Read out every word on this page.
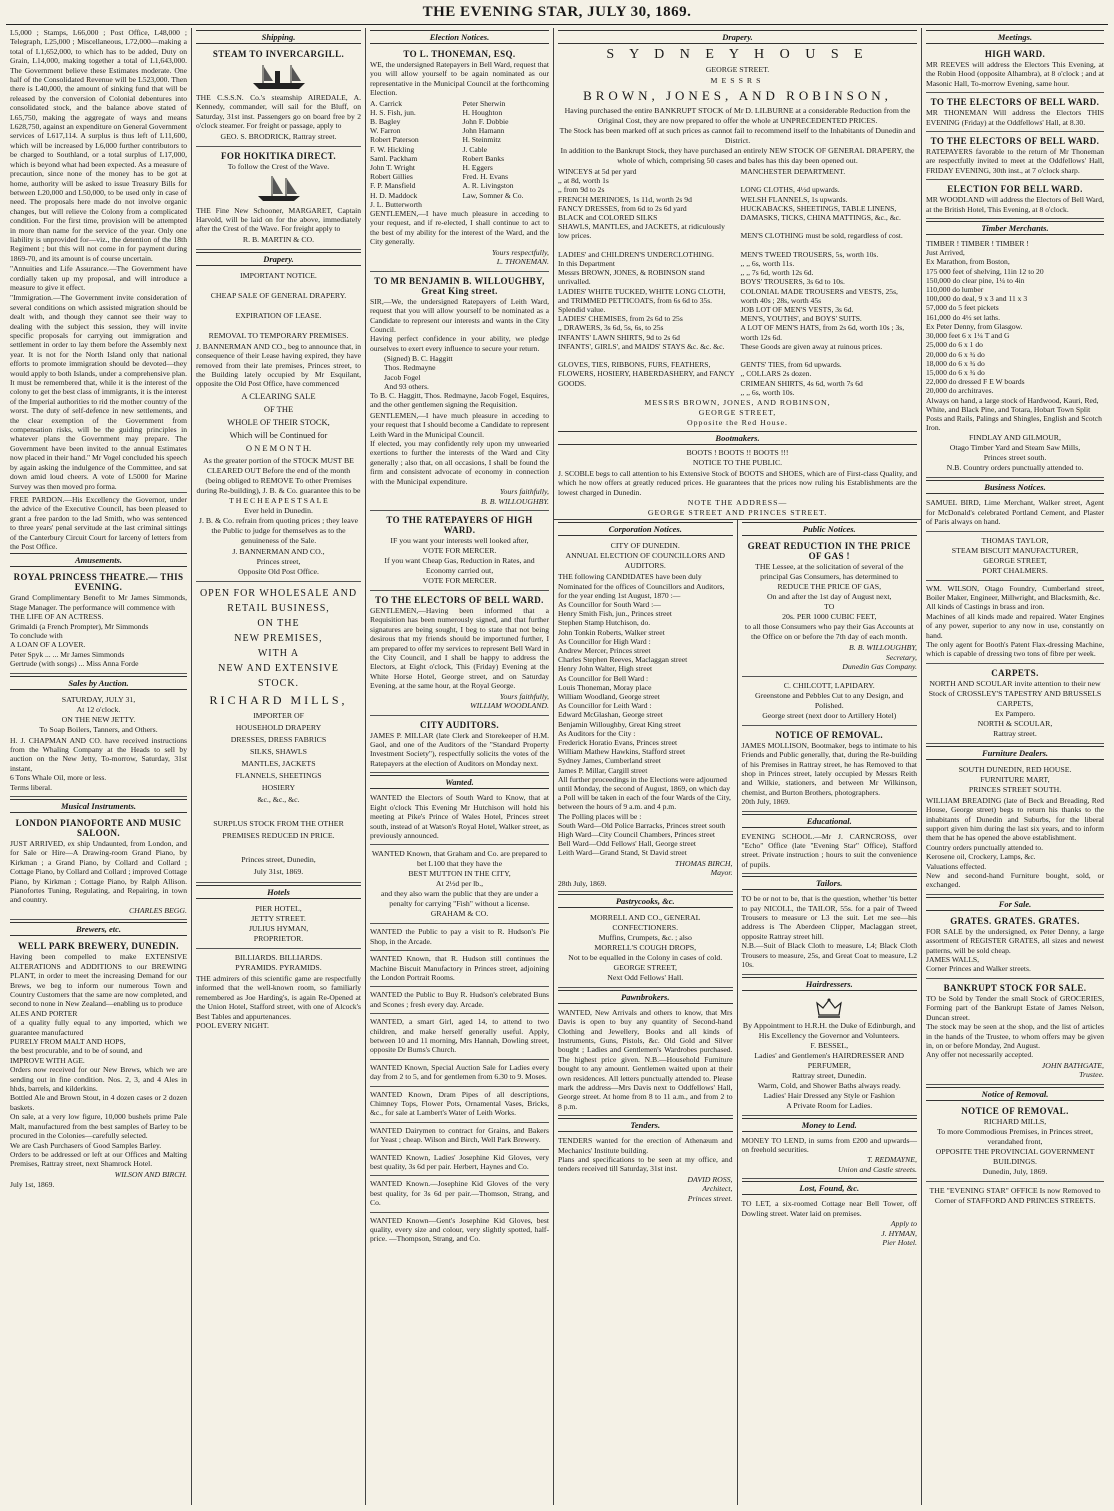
THE EVENING STAR, JULY 30, 1869.
L5,000 ; Stamps, L66,000 ; Post Office, L48,000 ; Telegraph, L25,000 ; Miscellaneous, L72,000—making a total of L1,652,000, to which has to be added, Duty on Grain, L14,000, making together a total of L1,643,000. The Government believe these Estimates moderate. One half of the Consolidated Revenue will be L523,000. Then there is L40,000, the amount of sinking fund that will be released by the conversion of Colonial debentures into consolidated stock, and the balance above stated of L65,750, making the aggregate of ways and means L628,750, against an expenditure on General Government services of L617,114. A surplus is thus left of L11,600, which will be increased by L6,000 further contributors to be charged to Southland, or a total surplus of L17,000, which is beyond what had been expected. As a measure of precaution, since none of the money has to be got at home, authority will be asked to issue Treasury Bills for between L20,000 and L50,000, to be used only in case of need. The proposals here made do not involve organic changes, but will relieve the Colony from a complicated condition. For the first time, provision will be attempted in more than name for the service of the year. Only one liability is unprovided for—viz., the detention of the 18th Regiment ; but this will not come in for payment during 1869-70, and its amount is of course uncertain.
"Annuities and Life Assurance.—The Government have cordially taken up my proposal, and will introduce a measure to give it effect.
"Immigration.—The Government invite consideration of several conditions on which assisted migration should be dealt with, and though they cannot see their way to dealing with the subject this session, they will invite specific proposals for carrying out immigration and settlement in order to lay them before the Assembly next year. It is not for the North Island only that national efforts to promote immigration should be devoted—they would apply to both Islands, under a comprehensive plan. It must be remembered that, while it is the interest of the colony to get the best class of immigrants, it is the interest of the Imperial authorities to rid the mother country of the worst. The duty of self-defence in new settlements, and the clear exemption of the Government from compensation risks, will be the guiding principles in whatever plans the Government may prepare. The Government have been invited to the annual Estimates now placed in their hand." Mr Vogel concluded his speech by again asking the indulgence of the Committee, and sat down amid loud cheers. A vote of L5000 for Marine Survey was then moved pro forma.
FREE PARDON.—His Excellency the Governor, under the advice of the Executive Council, has been pleased to grant a free pardon to the lad Smith, who was sentenced to three years' penal servitude at the last criminal sittings of the Canterbury Circuit Court for larceny of letters from the Post Office.
Amusements.
ROYAL PRINCESS THEATRE.— THIS EVENING.
Grand Complimentary Benefit to Mr James Simmonds, Stage Manager. The performance will commence with
THE LIFE OF AN ACTRESS.
Grimaldi (a French Prompter), Mr Simmonds
To conclude with
A LOAN OF A LOVER.
Peter Spyk ... ... Mr James Simmonds
Gertrude (with songs) ... Miss Anna Forde
Sales by Auction.
SATURDAY, JULY 31,
At 12 o'clock.
ON THE NEW JETTY.
To Soap Boilers, Tanners, and Others.
H. J. CHAPMAN AND CO. have received instructions from the Whaling Company at the Heads to sell by auction on the New Jetty, To-morrow, Saturday, 31st instant,
6 Tons Whale Oil, more or less.
Terms liberal.
Musical Instruments.
LONDON PIANOFORTE AND MUSIC SALOON.
JUST ARRIVED, ex ship Undaunted, from London, and for Sale or Hire—A Drawing-room Grand Piano, by Kirkman ; a Grand Piano, by Collard and Collard ; Cottage Piano, by Collard and Collard ; improved Cottage Piano, by Kirkman ; Cottage Piano, by Ralph Allison. Pianofortes Tuning, Regulating, and Repairing, in town and country.
CHARLES BEGG.
Brewers, etc.
WELL PARK BREWERY, DUNEDIN.
Having been compelled to make EXTENSIVE ALTERATIONS and ADDITIONS to our BREWING PLANT, in order to meet the increasing Demand for our Brews, we beg to inform our numerous Town and Country Customers that the same are now completed, and second to none in New Zealand—enabling us to produce
ALES AND PORTER
of a quality fully equal to any imported, which we guarantee manufactured
PURELY FROM MALT AND HOPS,
the best procurable, and to be of sound, and
IMPROVE WITH AGE.
Orders now received for our New Brews, which we are sending out in fine condition. Nos. 2, 3, and 4 Ales in hhds, barrels, and kilderkins.
Bottled Ale and Brown Stout, in 4 dozen cases or 2 dozen baskets.
On sale, at a very low figure, 10,000 bushels prime Pale Malt, manufactured from the best samples of Barley to be procured in the Colonies—carefully selected.
We are Cash Purchasers of Good Samples Barley.
Orders to be addressed or left at our Offices and Malting Premises, Rattray street, next Shamrock Hotel.
WILSON AND BIRCH.
July 1st, 1869.
Shipping.
STEAM TO INVERCARGILL.
THE C.S.S.N. Co.'s steamship AIREDALE, A. Kennedy, commander, will sail for the Bluff, on Saturday, 31st inst. Passengers go on board free by 2 o'clock steamer. For freight or passage, apply to
GEO. S. BRODRICK, Rattray street.
FOR HOKITIKA DIRECT.
To follow the Crest of the Wave.
THE Fine New Schooner, MARGARET, Captain Harvold, will be laid on for the above, immediately after the Crest of the Wave. For freight apply to
R. B. MARTIN & CO.
Drapery.
IMPORTANT NOTICE.

CHEAP SALE OF GENERAL DRAPERY.

EXPIRATION OF LEASE.

REMOVAL TO TEMPORARY PREMISES.
J. BANNERMAN AND CO., beg to announce that, in consequence of their Lease having expired, they have removed from their late premises, Princes street, to the Building lately occupied by Mr Esquilant, opposite the Old Post Office, have commenced
A CLEARING SALE
OF THE
WHOLE OF THEIR STOCK,
Which will be Continued for
O N E M O N T H.
As the greater portion of the STOCK MUST BE CLEARED OUT Before the end of the month (being obliged to REMOVE To other Premises during Re-building), J. B. & Co. guarantee this to be
T H E C H E A P E S T S A L E
Ever held in Dunedin.
J. B. & Co. refrain from quoting prices ; they leave the Public to judge for themselves as to the genuineness of the Sale.
J. BANNERMAN AND CO.,
Princes street,
Opposite Old Post Office.
OPEN FOR WHOLESALE AND RETAIL BUSINESS,
ON THE
NEW PREMISES,
WITH A
NEW AND EXTENSIVE STOCK.
RICHARD MILLS,
IMPORTER OF
HOUSEHOLD DRAPERY
DRESSES, DRESS FABRICS
SILKS, SHAWLS
MANTLES, JACKETS
FLANNELS, SHEETINGS
HOSIERY
&c., &c., &c.

SURPLUS STOCK FROM THE OTHER PREMISES REDUCED IN PRICE.

Princes street, Dunedin,
July 31st, 1869.
Hotels
PIER HOTEL,
JETTY STREET.
JULIUS HYMAN,
PROPRIETOR.
BILLIARDS. BILLIARDS.
PYRAMIDS. PYRAMIDS.
THE admirers of this scientific game are respectfully informed that the well-known room, so familiarly remembered as Joe Harding's, is again Re-Opened at the Union Hotel, Stafford street, with one of Alcock's Best Tables and appurtenances.
POOL EVERY NIGHT.
Election Notices.
TO L. THONEMAN, ESQ.
WE, the undersigned Ratepayers in Bell Ward, request that you will allow yourself to be again nominated as our representative in the Municipal Council at the forthcoming Election.
A. Carrick
H. S. Fish, jun.
B. Bagley
W. Farron
Robert Paterson
F. W. Hickling
Saml. Packham
John T. Wright
Robert Gillies
F. P. Mansfield
H. D. Maddock
J. L. Butterworth
Peter Sherwin
H. Houghton
John F. Dobbie
John Hamann
H. Steinmitz
J. Cable
Robert Banks
H. Eggers
Fred. H. Evans
A. R. Livingston
Law, Somner & Co.
GENTLEMEN,—I have much pleasure in acceding to your request, and if re-elected, I shall continue to act to the best of my ability for the interest of the Ward, and the City generally.
Yours respectfully,
L. THONEMAN.
TO MR BENJAMIN B. WILLOUGHBY, Great King street.
SIR,—We, the undersigned Ratepayers of Leith Ward, request that you will allow yourself to be nominated as a Candidate to represent our interests and wants in the City Council.
Having perfect confidence in your ability, we pledge ourselves to exert every influence to secure your return.
(Signed) B. C. Haggitt
Thos. Redmayne
Jacob Fogel
And 93 others.
To B. C. Haggitt, Thos. Redmayne, Jacob Fogel, Esquires, and the other gentlemen signing the Requisition.
GENTLEMEN,—I have much pleasure in acceding to your request that I should become a Candidate to represent Leith Ward in the Municipal Council.
If elected, you may confidently rely upon my unwearied exertions to further the interests of the Ward and City generally ; also that, on all occasions, I shall be found the firm and consistent advocate of economy in connection with the Municipal expenditure.
Yours faithfully,
B. B. WILLOUGHBY.
TO THE RATEPAYERS OF HIGH WARD.
IF you want your interests well looked after,
VOTE FOR MERCER.
If you want Cheap Gas, Reduction in Rates, and Economy carried out,
VOTE FOR MERCER.
TO THE ELECTORS OF BELL WARD.
GENTLEMEN,—Having been informed that a Requisition has been numerously signed, and that further signatures are being sought, I beg to state that not being desirous that my friends should be importuned further, I am prepared to offer my services to represent Bell Ward in the City Council, and I shall be happy to address the Electors, at Eight o'clock, This (Friday) Evening at the White Horse Hotel, George street, and on Saturday Evening, at the same hour, at the Royal George.
Yours faithfully,
WILLIAM WOODLAND.
CITY AUDITORS.
JAMES P. MILLAR (late Clerk and Storekeeper of H.M. Gaol, and one of the Auditors of the "Standard Property Investment Society"), respectfully solicits the votes of the Ratepayers at the election of Auditors on Monday next.
Wanted.
WANTED the Electors of South Ward to Know, that at Eight o'clock This Evening Mr Hutchison will hold his meeting at Pike's Prince of Wales Hotel, Princes street south, instead of at Watson's Royal Hotel, Walker street, as previously announced.
WANTED Known, that Graham and Co. are prepared to bet L100 that they have the
BEST MUTTON IN THE CITY,
At 2½d per lb.,
and they also warn the public that they are under a penalty for carrying "Fish" without a license.
GRAHAM & CO.
WANTED the Public to pay a visit to R. Hudson's Pie Shop, in the Arcade.
WANTED Known, that R. Hudson still continues the Machine Biscuit Manufactory in Princes street, adjoining the London Portrait Rooms.
WANTED the Public to Buy R. Hudson's celebrated Buns and Scones ; fresh every day. Arcade.
WANTED, a smart Girl, aged 14, to attend to two children, and make herself generally useful. Apply, between 10 and 11 morning, Mrs Hannah, Dowling street, opposite Dr Burns's Church.
WANTED Known, Special Auction Sale for Ladies every day from 2 to 5, and for gentlemen from 6.30 to 9. Moses.
WANTED Known, Dram Pipes of all descriptions, Chimney Tops, Flower Pots, Ornamental Vases, Bricks, &c., for sale at Lambert's Water of Leith Works.
WANTED Dairymen to contract for Grains, and Bakers for Yeast ; cheap. Wilson and Birch, Well Park Brewery.
WANTED Known, Ladies' Josephine Kid Gloves, very best quality, 3s 6d per pair. Herbert, Haynes and Co.
WANTED Known.—Josephine Kid Gloves of the very best quality, for 3s 6d per pair.—Thomson, Strang, and Co.
WANTED Known—Gent's Josephine Kid Gloves, best quality, every size and colour, very slightly spotted, half-price. —Thompson, Strang, and Co.
Drapery.
S Y D N E Y H O U S E
GEORGE STREET.
MESSRS
BROWN, JONES, AND ROBINSON,
Having purchased the entire BANKRUPT STOCK of Mr D. LILBURNE at a considerable Reduction from the Original Cost, they are now prepared to offer the whole at UNPRECEDENTED PRICES.
The Stock has been marked off at such prices as cannot fail to recommend itself to the Inhabitants of Dunedin and District.
In addition to the Bankrupt Stock, they have purchased an entirely NEW STOCK OF GENERAL DRAPERY, the whole of which, comprising 50 cases and bales has this day been opened out.
WINCEYS at 5d per yard
,, at 8d, worth 1s
,, from 9d to 2s
FRENCH MERINOES, 1s 11d, worth 2s 9d
FANCY DRESSES, from 6d to 2s 6d yard
BLACK and COLORED SILKS
SHAWLS, MANTLES, and JACKETS, at ridiculously low prices.

LADIES' and CHILDREN'S UNDERCLOTHING.
In this Department
Messrs BROWN, JONES, & ROBINSON stand unrivalled.
LADIES' WHITE TUCKED, WHITE LONG CLOTH, and TRIMMED PETTICOATS, from 6s 6d to 35s. Splendid value.
LADIES' CHEMISES, from 2s 6d to 25s
,, DRAWERS, 3s 6d, 5s, 6s, to 25s
INFANTS' LAWN SHIRTS, 9d to 2s 6d
INFANTS', GIRLS', and MAIDS' STAYS &c. &c. &c.

GLOVES, TIES, RIBBONS, FURS, FEATHERS, FLOWERS, HOSIERY, HABERDASHERY, and FANCY GOODS.
MANCHESTER DEPARTMENT.

LONG CLOTHS, 4½d upwards.
WELSH FLANNELS, 1s upwards.
HUCKABACKS, SHEETINGS, TABLE LINENS, DAMASKS, TICKS, CHINA MATTINGS, &c., &c.

MEN'S CLOTHING must be sold, regardless of cost.

MEN'S TWEED TROUSERS, 5s, worth 10s.
,, ,, 6s, worth 11s.
,, ,, 7s 6d, worth 12s 6d.
BOYS' TROUSERS, 3s 6d to 10s.
COLONIAL MADE TROUSERS and VESTS, 25s, worth 40s ; 28s, worth 45s
JOB LOT OF MEN'S VESTS, 3s 6d.
MEN'S, YOUTHS', and BOYS' SUITS.
A LOT OF MEN'S HATS, from 2s 6d, worth 10s ; 3s, worth 12s 6d.
These Goods are given away at ruinous prices.

GENTS' TIES, from 6d upwards.
,, COLLARS 2s dozen.
CRIMEAN SHIRTS, 4s 6d, worth 7s 6d
,, ,, 6s, worth 10s.
MESSRS BROWN, JONES, AND ROBINSON,
GEORGE STREET,
Opposite the Red House.
Bootmakers.
BOOTS ! BOOTS !! BOOTS !!!
NOTICE TO THE PUBLIC.
J. SCOBLE begs to call attention to his Extensive Stock of BOOTS and SHOES, which are of First-class Quality, and which he now offers at greatly reduced prices. He guarantees that the prices now ruling his Establishments are the lowest charged in Dunedin.
NOTE THE ADDRESS—
GEORGE STREET AND PRINCES STREET.
Corporation Notices.
CITY OF DUNEDIN.
ANNUAL ELECTION OF COUNCILLORS AND AUDITORS.
THE following CANDIDATES have been duly Nominated for the offices of Councillors and Auditors, for the year ending 1st August, 1870 :—
As Councillor for South Ward :—
Henry Smith Fish, jun., Princes street
Stephen Stamp Hutchison, do.
John Tonkin Roberts, Walker street
As Councillor for High Ward :
Andrew Mercer, Princes street
Charles Stephen Reeves, Maclaggan street
Henry John Walter, High street
As Councillor for Bell Ward :
Louis Thoneman, Moray place
William Woodland, George street
As Councillor for Leith Ward :
Edward McGlashan, George street
Benjamin Willoughby, Great King street
As Auditors for the City :
Frederick Horatio Evans, Princes street
William Mathew Hawkins, Stafford street
Sydney James, Cumberland street
James P. Millar, Cargill street
All further proceedings in the Elections were adjourned until Monday, the second of August, 1869, on which day a Poll will be taken in each of the four Wards of the City, between the hours of 9 a.m. and 4 p.m.
The Polling places will be :
South Ward—Old Police Barracks, Princes street south
High Ward—City Council Chambers, Princes street
Bell Ward—Odd Fellows' Hall, George street
Leith Ward—Grand Stand, St David street
THOMAS BIRCH,
Mayor.
28th July, 1869.
Pastrycooks, &c.
MORRELL AND CO., GENERAL CONFECTIONERS.
Muffins, Crumpets, &c. ; also
MORRELL'S COUGH DROPS,
Not to be equalled in the Colony in cases of cold.
GEORGE STREET,
Next Odd Fellows' Hall.
Pawnbrokers.
WANTED, New Arrivals and others to know, that Mrs Davis is open to buy any quantity of Second-hand Clothing and Jewellery, Books and all kinds of Instruments, Guns, Pistols, &c. Old Gold and Silver bought ; Ladies and Gentlemen's Wardrobes purchased. The highest price given. N.B.—Household Furniture bought to any amount. Gentlemen waited upon at their own residences. All letters punctually attended to. Please mark the address—Mrs Davis next to Oddfellows' Hall, George street. At home from 8 to 11 a.m., and from 2 to 8 p.m.
Tenders.
TENDERS wanted for the erection of Athenæum and Mechanics' Institute building.
Plans and specifications to be seen at my office, and tenders received till Saturday, 31st inst.
DAVID ROSS,
Architect,
Princes street.
Public Notices.
GREAT REDUCTION IN THE PRICE OF GAS !
THE Lessee, at the solicitation of several of the principal Gas Consumers, has determined to
REDUCE THE PRICE OF GAS,
On and after the 1st day of August next,
TO
20s. PER 1000 CUBIC FEET,
to all those Consumers who pay their Gas Accounts at the Office on or before the 7th day of each month.
B. B. WILLOUGHBY,
Secretary,
Dunedin Gas Company.
C. CHILCOTT, LAPIDARY.
Greenstone and Pebbles Cut to any Design, and Polished.
George street (next door to Artillery Hotel)
NOTICE OF REMOVAL.
JAMES MOLLISON, Bootmaker, begs to intimate to his Friends and Public generally, that, during the Re-building of his Premises in Rattray street, he has Removed to that shop in Princes street, lately occupied by Messrs Reith and Wilkie, stationers, and between Mr Wilkinson, chemist, and Burton Brothers, photographers.
20th July, 1869.
Educational.
EVENING SCHOOL.—Mr J. CARNCROSS, over "Echo" Office (late "Evening Star" Office), Stafford street. Private instruction ; hours to suit the convenience of pupils.
Tailors.
TO be or not to be, that is the question, whether 'tis better to pay NICOLL, the TAILOR, 55s. for a pair of Tweed Trousers to measure or L3 the suit. Let me see—his address is The Aberdeen Clipper, Maclaggan street, opposite Rattray street hill.
N.B.—Suit of Black Cloth to measure, L4; Black Cloth Trousers to measure, 25s, and Great Coat to measure, L2 10s.
Hairdressers.
By Appointment to H.R.H. the Duke of Edinburgh, and His Excellency the Governor and Volunteers.
F. BESSEL,
Ladies' and Gentlemen's HAIRDRESSER AND PERFUMER,
Rattray street, Dunedin.
Warm, Cold, and Shower Baths always ready.
Ladies' Hair Dressed any Style or Fashion
A Private Room for Ladies.
Money to Lend.
MONEY TO LEND, in sums from £200 and upwards—on freehold securities.
T. REDMAYNE,
Union and Castle streets.
Lost, Found, &c.
TO LET, a six-roomed Cottage near Bell Tower, off Dowling street. Water laid on premises.
Apply to
J. HYMAN,
Pier Hotel.
Meetings.
HIGH WARD.
MR REEVES will address the Electors This Evening, at the Robin Hood (opposite Alhambra), at 8 o'clock ; and at Masonic Hall, To-morrow Evening, same hour.
TO THE ELECTORS OF BELL WARD.
MR THONEMAN Will address the Electors THIS EVENING (Friday) at the Oddfellows' Hall, at 8.30.
TO THE ELECTORS OF BELL WARD.
RATEPAYERS favorable to the return of Mr Thoneman are respectfully invited to meet at the Oddfellows' Hall, FRIDAY EVENING, 30th inst., at 7 o'clock sharp.
ELECTION FOR BELL WARD.
MR WOODLAND will address the Electors of Bell Ward, at the British Hotel, This Evening, at 8 o'clock.
Timber Merchants.
TIMBER ! TIMBER ! TIMBER !
Just Arrived,
Ex Marathon, from Boston,
175 000 feet of shelving, 11in 12 to 20
150,000 do clear pine, 1¼ to 4in
110,000 do lumber
100,000 do deal, 9 x 3 and 11 x 3
57,000 do 5 feet pickets
161,000 do 4½ set laths.
Ex Peter Denny, from Glasgow.
30,000 feet 6 x 1¼ T and G
25,000 do 6 x 1 do
20,000 do 6 x ¾ do
18,000 do 6 x ¾ do
15,000 do 6 x ¾ do
22,000 do dressed F E W boards
20,000 do architraves.
Always on hand, a large stock of Hardwood, Kauri, Red, White, and Black Pine, and Totara, Hobart Town Split Posts and Rails, Palings and Shingles, English and Scotch Iron.
FINDLAY AND GILMOUR,
Otago Timber Yard and Steam Saw Mills,
Princes street south.
N.B. Country orders punctually attended to.
Business Notices.
SAMUEL BIRD, Lime Merchant, Walker street, Agent for McDonald's celebrated Portland Cement, and Plaster of Paris always on hand.
THOMAS TAYLOR,
STEAM BISCUIT MANUFACTURER,
GEORGE STREET,
PORT CHALMERS.
WM. WILSON, Otago Foundry, Cumberland street, Boiler Maker, Engineer, Millwright, and Blacksmith, &c.
All kinds of Castings in brass and iron.
Machines of all kinds made and repaired. Water Engines of any power, superior to any now in use, constantly on hand.
The only agent for Booth's Patent Flax-dressing Machine, which is capable of dressing two tons of fibre per week.
CARPETS.
NORTH AND SCOULAR invite attention to their new Stock of CROSSLEY'S TAPESTRY AND BRUSSELS CARPETS,
Ex Pampero.
NORTH & SCOULAR,
Rattray street.
Furniture Dealers.
SOUTH DUNEDIN, RED HOUSE.
FURNITURE MART,
PRINCES STREET SOUTH.
WILLIAM BREADING (late of Beck and Breading, Red House, George street) begs to return his thanks to the inhabitants of Dunedin and Suburbs, for the liberal support given him during the last six years, and to inform them that he has opened the above establishment.
Country orders punctually attended to.
Kerosene oil, Crockery, Lamps, &c.
Valuations effected.
New and second-hand Furniture bought, sold, or exchanged.
For Sale.
GRATES. GRATES. GRATES.
FOR SALE by the undersigned, ex Peter Denny, a large assortment of REGISTER GRATES, all sizes and newest patterns, will be sold cheap.
JAMES WALLS,
Corner Princes and Walker streets.
BANKRUPT STOCK FOR SALE.
TO be Sold by Tender the small Stock of GROCERIES, Forming part of the Bankrupt Estate of James Nelson, Duncan street.
The stock may be seen at the shop, and the list of articles in the hands of the Trustee, to whom offers may be given in, on or before Monday, 2nd August.
Any offer not necessarily accepted.
JOHN BATHGATE,
Trustee.
Notice of Removal.
NOTICE OF REMOVAL.
RICHARD MILLS,
To more Commodious Premises, in Princes street, verandahed front,
OPPOSITE THE PROVINCIAL GOVERNMENT BUILDINGS.
Dunedin, July, 1869.
THE "EVENING STAR" OFFICE Is now Removed to Corner of STAFFORD AND PRINCES STREETS.
